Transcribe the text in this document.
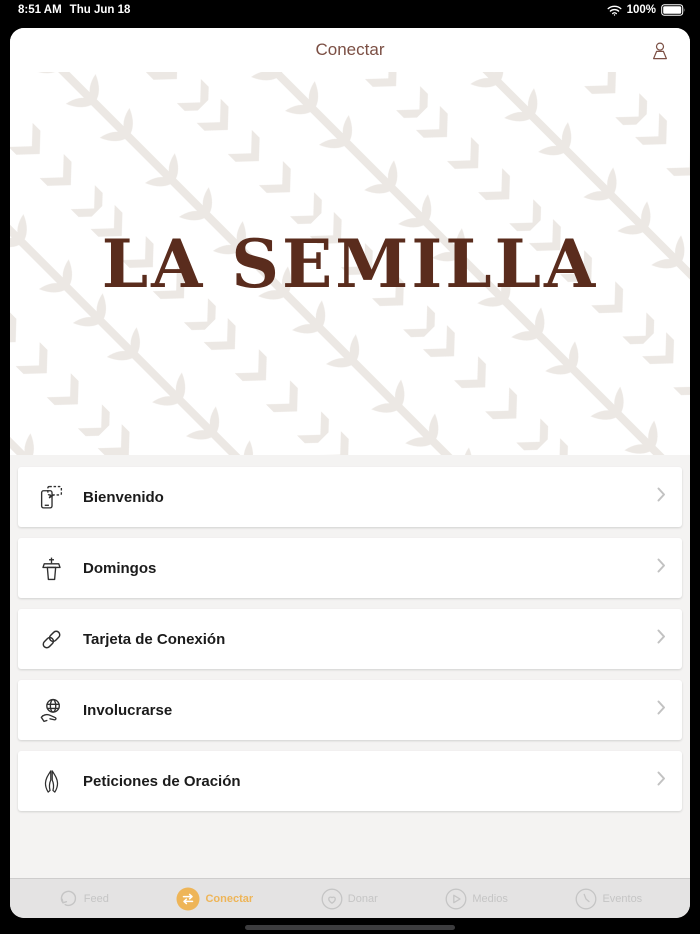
8:51 AM Thu Jun 18	100%
Conectar
LA SEMILLA
Bienvenido
Domingos
Tarjeta de Conexión
Involucrarse
Peticiones de Oración
Feed	Conectar	Donar	Medios	Eventos
